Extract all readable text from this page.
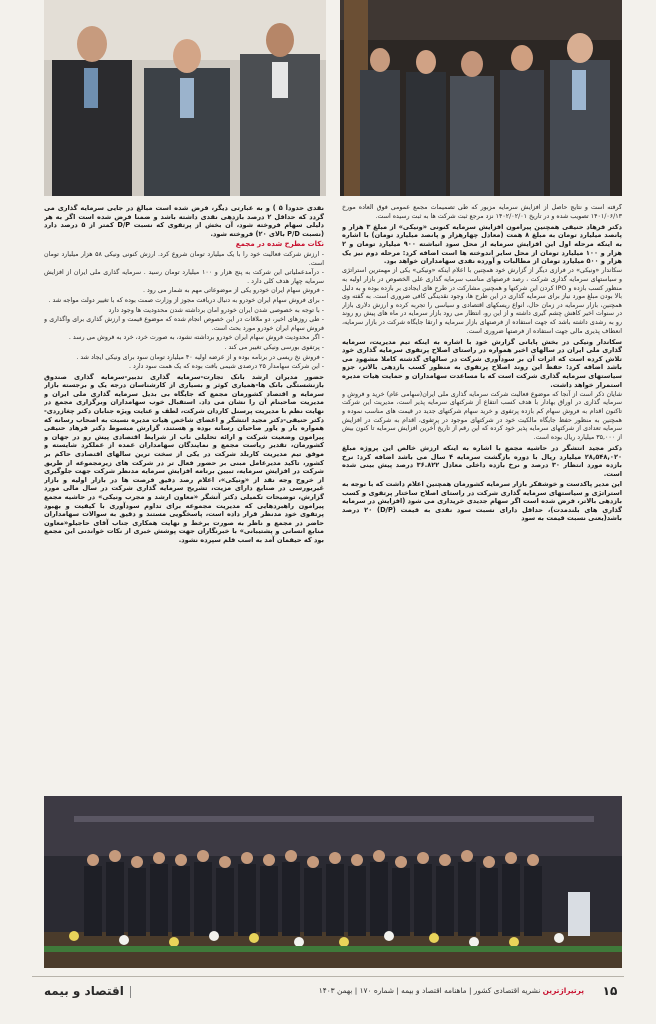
گرفته است و نتایج حاصل از افزایش سرمایه مزبور که طی تصمیمات مجمع عمومی فوق العاده مورخ ۱۴۰۱/۰۶/۱۳ تصویب شده و در تاریخ ۱۴۰۲/۰۲/۰۱ نزد مرجع ثبت شرکت ها به ثبت رسیده است.

دکتر فرهاد حنیفی همچنین پیرامون افزایش سرمایه کنونی «ونیکی» از مبلغ ۳ هزار و پانصد میلیارد تومان به مبلغ ۸ همت (معادل چهارهزار و پانصد میلیارد تومان) با اشاره به اینکه مرحله اول این افزایش سرمایه از محل سود انباشته ۹۰۰ میلیارد تومان و ۲ هزار و ۱۰۰ میلیارد تومان از محل سایر اندوخته ها است اضافه کرد: مرحله دوم نیز یک هزار و ۵۰۰ میلیارد تومان از مطالبات و آورده نقدی سهامداران خواهد بود.

سکاندار «ونیکی» در فرازی دیگر از گزارش خود همچنین با اعلام اینکه «ونیکی» یکی از مهمترین استراتژی و سیاستهای سرمایه گذاری شرکت ، رصد فرصتهای مناسب سرمایه گذاری علی الخصوص در بازار اولیه به منظور کسب بازده و IPO کردن این شرکتها و همچنین مشارکت در طرح های ایجادی بر بازده بوده و به دلیل بالا بودن مبلغ مورد نیاز برای سرمایه گذاری در این طرح ها، وجود نقدینگی کافی ضروری است. به گفته وی همچنین، بازار سرمایه در زمان حال، انواع ریسکهای اقتصادی و سیاسی را تجربه کرده و ارزش دلاری بازار در سنوات اخیر کاهش چشم گیری داشته و از این رو، انتظار می رود بازار سرمایه در ماه های پیش رو روند رو به رشدی داشته باشد که جهت استفاده از فرصتهای بازار سرمایه و ارتقا جایگاه شرکت در بازار سرمایه، انعطاف پذیری مالی جهت استفاده از فرصتها ضروری است.

سکاندار ونیکی در بخش پایانی گزارش خود با اشاره به اینکه تیم مدیریت، سرمایه گذاری ملی ایران در سالهای اخیر همواره در راستای اصلاح پرتفوی سرمایه گذاری خود تلاش کرده است که اثرات آن بر سودآوری شرکت در سالهای گذشته کاملا مشهود می باشد اضافه کرد: حفظ این روند اصلاح پرتفوی به منظور کسب بازدهی بالاتر، جزو سیاستهای سرمایه گذاری شرکت است که با مساعدت سهامداران و حمایت هیات مدیره استمرار خواهد داشت.

شایان ذکر است از آنجا که موضوع فعالیت شرکت سرمایه گذاری ملی ایران(سهامی عام) خرید و فروش و سرمایه گذاری در اوراق بهادار با هدف کسب انتفاع از شرکتهای سرمایه پذیر است، مدیریت این شرکت تاکنون اقدام به فروش سهام کم بازده پرتفوی و خرید سهام شرکتهای جدید در قیمت های مناسب نموده و همچنین به منظور حفظ جایگاه مالکیت خود در شرکتهای موجود در پرتفوی، اقدام به شرکت در افزایش سرمایه تعدادی از شرکتهای سرمایه پذیر خود کرده که این رقم از تاریخ آخرین افزایش سرمایه تا کنون بیش از ۳۵,۰۰۰ میلیارد ریال بوده است.

دکتر مجید انتشگر در حاشیه مجمع با اشاره به اینکه ارزش خالص این پروژه مبلغ ۲۸,۵۴۸,۰۲۰ میلیارد ریال با دوره بازگشت سرمایه ۴ سال می باشد اضافه کرد: نرخ بازده مورد انتظار ۳۰ درصد و نرخ بازده داخلی معادل ۳۶.۸۲۲ درصد پیش بینی شده است.

این مدیر پاکدست و خوشفکر بازار سرمایه کشورمان همچنین اعلام داشت که با توجه به استراتژی و سیاستهای سرمایه گذاری شرکت در راستای اصلاح ساختار پرتفوی و کسب بازدهی بالاتر، فرض شده است اگر سهام جدیدی خریداری می شود (افزایش در سرمایه گذاری های بلندمدت)، حداقل دارای نسبت سود نقدی به قیمت (D/P) ۲۰ درصد باشد(یعنی نسبت قیمت به سود

نقدی حدوداً ۵ ) و به عبارتی دیگر، فرض شده است مبالغ در جایی سرمایه گذاری می گردد که حداقل ۲ درصد بازدهی نقدی داشته باشد و ضمنا فرض شده است اگر به هر دلیلی سهام فروخته شود، آن بخش از پرتفوی که نسبت D/P کمتر از ۵ درصد دارد (نسبت P/D بالای ۲۰) فروخته شود.

نکات مطرح شده در مجمع
- ارزش شرکت فعالیت خود را با یک میلیارد تومان شروع کرد. ارزش کنونی ونیکی ۵۸ هزار میلیارد تومان است.
- درآمدعملیاتی این شرکت به پنج هزار و ۱۰۰ میلیارد تومان رسید . سرمایه گذاری ملی ایران از افزایش سرمایه چهار هدف کلی دارد .
- فروش سهام ایران خودرو یکی از موضوعاتی مهم به شمار می رود .
- برای فروش سهام ایران خودرو به دنبال دریافت مجوز از وزارت صمت بوده که با تغییر دولت مواجه شد .
- با توجه به خصوصی شدن ایران خودرو امان برداشته شدن محدودیت ها وجود دارد
- طی روزهای اخیر، دو ملاقات در این خصوص انجام شده که موضوع قیمت و ارزش گذاری برای واگذاری و فروش سهام ایران خودرو مورد بحث است.
- اگر محدودیت فروش سهام ایران خودرو برداشته نشود، به صورت خرد، خرد به فروش می رسد .
- پرتفوی بورسی ونیکی تغییر می کند .
- فروش نخ ریسی در برنامه بوده و از عرضه اولیه ۴۰ میلیارد تومان سود برای ونیکی ایجاد شد .
- این شرکت سهامدار ۲۵ درصدی شیمی بافت بوده که یک همت سود دارد .

حضور مدیران ارشد بانک تجارت-سرمایه گذاری تدبیر-سرمایه گذاری صندوق بازنشستگی بانک ها-همیاری کوثر و بسیاری از کارشناسان درجه یک و برجسته بازار سرمایه و اقتصاد کشورمان مجمع که جایگاه بی بدیل سرمایه گذاری ملی ایران و مدیریت صاحبنام آن را نشان می داد. استقبال خوب سهامداران وبرگزاری مجمع در نهایت نظم با مدیریت پرسنل کاردان شرکت، لطف و عنایت ویژه جنابان دکتر چغازردی-دکتر حنیفی-دکتر مجید انتشگر و اعضای شاخص هیات مدیره نسبت به اصحاب رسانه که همواره یار و یاور صاحبان رسانه بوده و هستند، گزارش مبسوط دکتر فرهاد حنیفی پیرامون وضعیت شرکت و ارائه تحلیلی ناب از شرایط اقتصادی پیش رو در جهان و کشورمان، تقدیر ریاست مجمع و نمایندگان سهامداران عمده از عملکرد شایسته و موفق تیم مدیریت کاربلد شرکت در یکی از سخت ترین سالهای اقتصادی حاکم بر کشور، تاکید مدیرعامل مبنی بر حضور فعال تر در شرکت های زیرمجموعه از طریق شرکت در افزایش سرمایه، تبیین برنامه افزایش سرمایه مدنظر شرکت جهت جلوگیری از خروج وجه نقد از «ونیکی»، اعلام رصد دقیق فرصت ها در بازار اولیه و بازار غیربورسی در صنایع دارای مزیت، تشریح سرمایه گذاری شرکت در سال مالی مورد گزارش، توضیحات تکمیلی دکتر آتشگر «معاون ارشد و مجرب ونیکی» در حاشیه مجمع پیرامون راهبردهایی که مدیریت مجموعه برای تداوم سودآوری با کیفیت و بهبود پرتفوی خود مدنظر قرار داده است، پاسخگویی مستند و دقیق به سوالات سهامداران حاضر در مجمع و ناظر به صورت برخط و نهایت همکاری جناب آقای حاجیلو«معاون منابع انسانی و پشتیبانی» با خبرنگاران جهت پوشش خبری از نکات خواندنی این مجمع بود که حیفمان آمد به اسب قلم سپرده نشود.

اقتصاد و بیمه	پرتیراژترین نشریه اقتصادی کشور | ماهنامه اقتصاد و بیمه | شماره ۱۷۰ | بهمن ۱۴۰۳	۱۵
